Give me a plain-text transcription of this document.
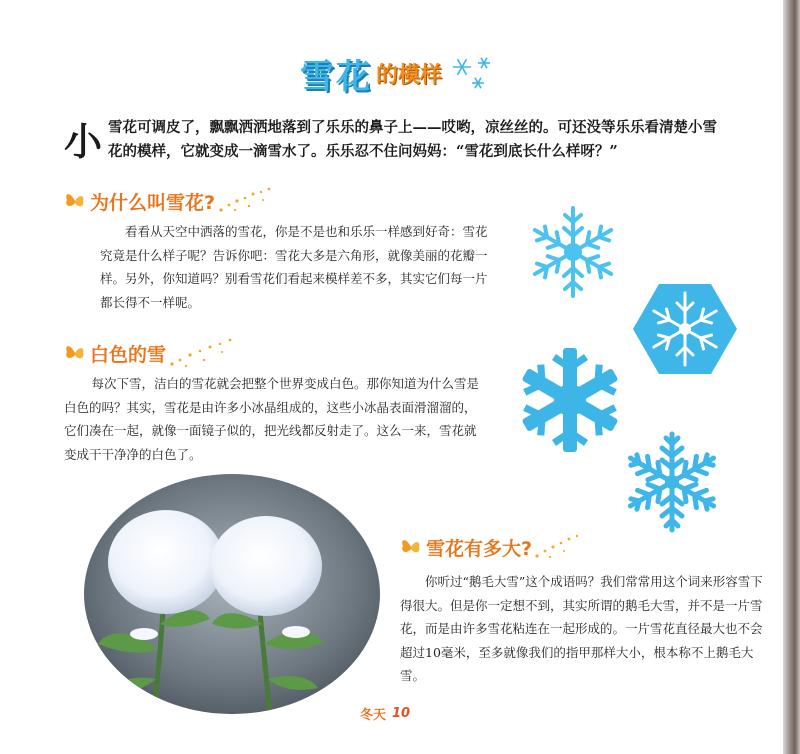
雪花 的模样
小 雪花可调皮了，飘飘洒洒地落到了乐乐的鼻子上——哎哟，凉丝丝的。可还没等乐乐看清楚小雪花的模样，它就变成一滴雪水了。乐乐忍不住问妈妈：“雪花到底长什么样呀？”
为什么叫雪花?
看看从天空中洒落的雪花，你是不是也和乐乐一样感到好奇：雪花究竟是什么样子呢？告诉你吧：雪花大多是六角形，就像美丽的花瓣一样。另外，你知道吗？别看雪花们看起来模样差不多，其实它们每一片都长得不一样呢。
白色的雪
每次下雪，洁白的雪花就会把整个世界变成白色。那你知道为什么雪是白色的吗？其实，雪花是由许多小冰晶组成的，这些小冰晶表面滑溜溜的，它们凑在一起，就像一面镜子似的，把光线都反射走了。这么一来，雪花就变成干干净净的白色了。
雪花有多大?
你听过“鹅毛大雪”这个成语吗？我们常常用这个词来形容雪下得很大。但是你一定想不到，其实所谓的鹅毛大雪，并不是一片雪花，而是由许多雪花粘连在一起形成的。一片雪花直径最大也不会超过10毫米，至多就像我们的指甲那样大小，根本称不上鹅毛大雪。
冬天 10
